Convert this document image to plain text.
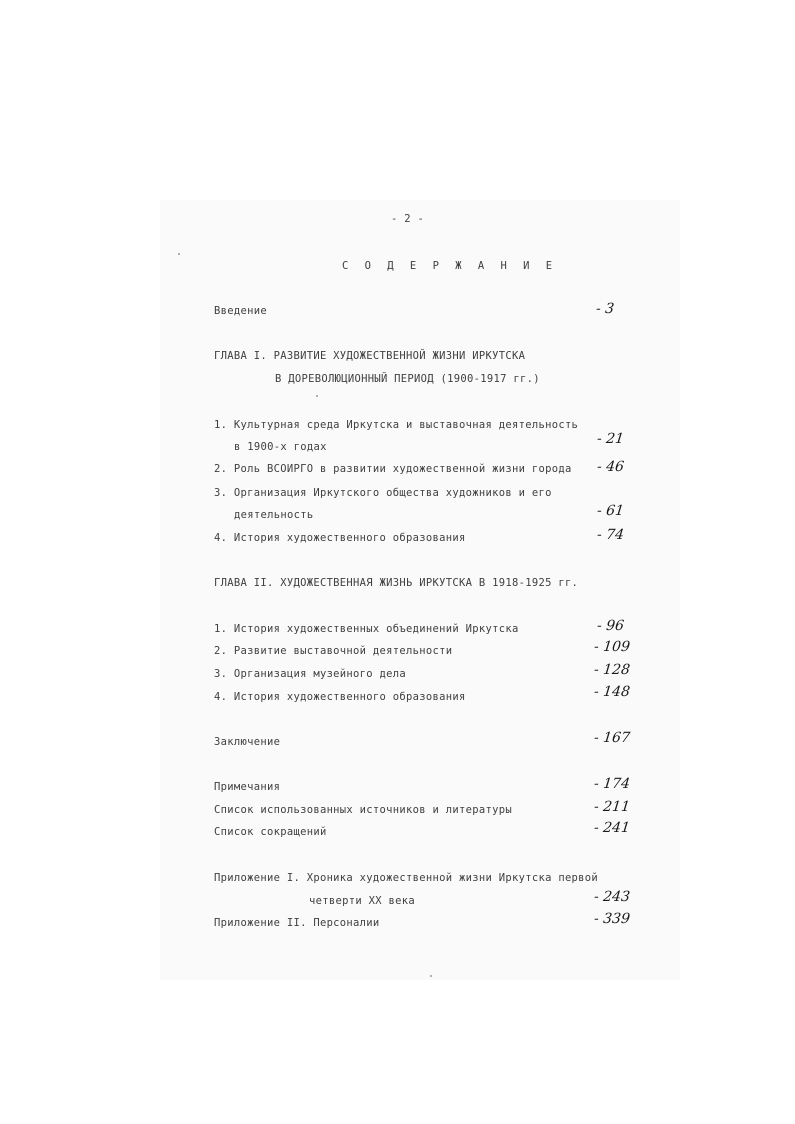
- 2 -
С О Д Е Р Ж А Н И Е
Введение	- 3
ГЛАВА I. РАЗВИТИЕ ХУДОЖЕСТВЕННОЙ ЖИЗНИ ИРКУТСКА
В ДОРЕВОЛЮЦИОННЫЙ ПЕРИОД (1900-1917 гг.)
1. Культурная среда Иркутска и выставочная деятельность
в 1900-х годах	- 21
2. Роль ВСОИРГО в развитии художественной жизни города - 46
3. Организация Иркутского общества художников и его
деятельность	- 61
4. История художественного образования	- 74
ГЛАВА II. ХУДОЖЕСТВЕННАЯ ЖИЗНЬ ИРКУТСКА В 1918-1925 гг.
1. История художественных объединений Иркутска	- 96
2. Развитие выставочной деятельности	- 109
3. Организация музейного дела	- 128
4. История художественного образования	- 148
Заключение	- 167
Примечания	- 174
Список использованных источников и литературы	- 211
Список сокращений	- 241
Приложение I. Хроника художественной жизни Иркутска первой
четверти XX века	- 243
Приложение II. Персоналии	- 339
